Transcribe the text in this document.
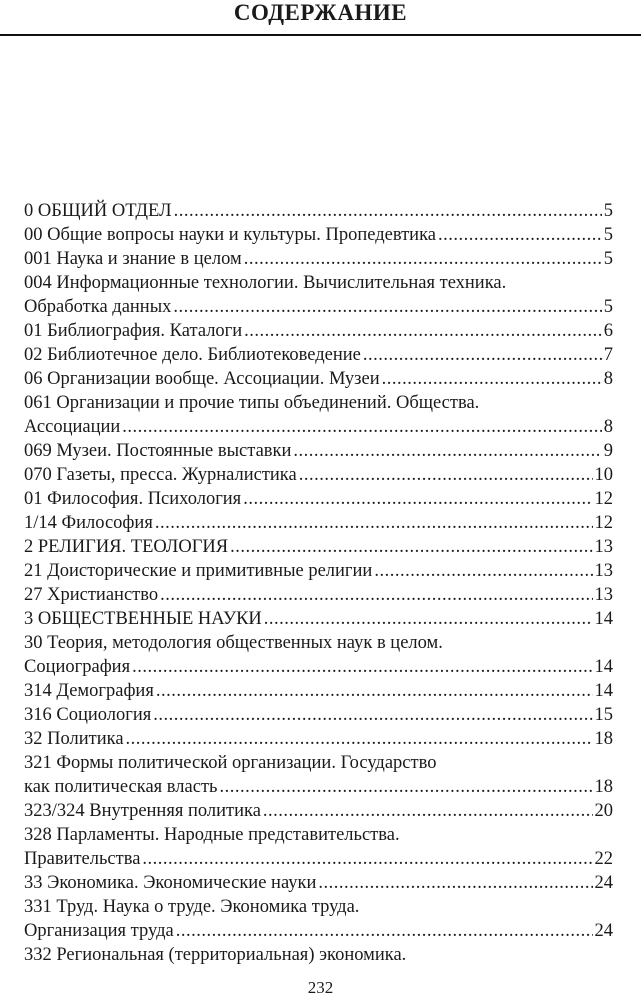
СОДЕРЖАНИЕ
0 ОБЩИЙ ОТДЕЛ .....	5
00 Общие вопросы науки и культуры. Пропедевтика .....	5
001 Наука и знание в целом .....	5
004 Информационные технологии. Вычислительная техника.
Обработка данных .....	5
01 Библиография. Каталоги .....	6
02 Библиотечное дело. Библиотековедение .....	7
06 Организации вообще. Ассоциации. Музеи .....	8
061 Организации и прочие типы объединений. Общества.
Ассоциации .....	8
069 Музеи. Постоянные выставки .....	9
070 Газеты, пресса. Журналистика .....	10
01 Философия. Психология .....	12
1/14 Философия .....	12
2 РЕЛИГИЯ. ТЕОЛОГИЯ .....	13
21 Доисторические и примитивные религии .....	13
27 Христианство .....	13
3 ОБЩЕСТВЕННЫЕ НАУКИ .....	14
30 Теория, методология общественных наук в целом.
Социография .....	14
314 Демография .....	14
316 Социология .....	15
32 Политика .....	18
321 Формы политической организации. Государство
как политическая власть .....	18
323/324 Внутренняя политика .....	20
328 Парламенты. Народные представительства.
Правительства .....	22
33 Экономика. Экономические науки .....	24
331 Труд. Наука о труде. Экономика труда.
Организация труда .....	24
332 Региональная (территориальная) экономика.
232
